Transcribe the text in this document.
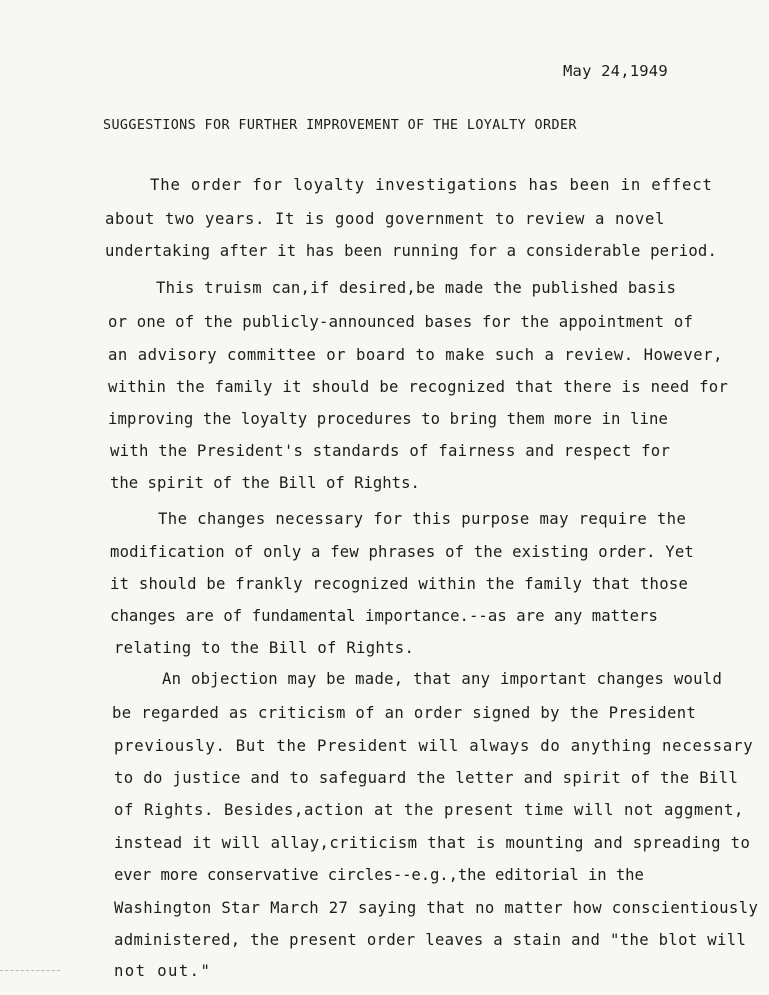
May 24,1949
SUGGESTIONS FOR FURTHER IMPROVEMENT OF THE LOYALTY ORDER
The order for loyalty investigations has been in effect
about two years. It is good government to review a novel
undertaking after it has been running for a considerable period.
This truism can,if desired,be made the published basis
or one of the publicly-announced bases for the appointment of
an advisory committee or board to make such a review. However,
within the family it should be recognized that there is need for
improving the loyalty procedures to bring them more in line
with the President's standards of fairness and respect for
the spirit of the Bill of Rights.
The changes necessary for this purpose may require the
modification of only a few phrases of the existing order. Yet
it should be frankly recognized within the family that those
changes are of fundamental importance.--as are any matters
relating to the Bill of Rights.
An objection may be made, that any important changes would
be regarded as criticism of an order signed by the President
previously. But the President will always do anything necessary
to do justice and to safeguard the letter and spirit of the Bill
of Rights. Besides,action at the present time will not aggment,
instead it will allay,criticism that is mounting and spreading to
ever more conservative circles--e.g.,the editorial in the
Washington Star March 27 saying that no matter how conscientiously
administered, the present order leaves a stain and "the blot will
not out."
